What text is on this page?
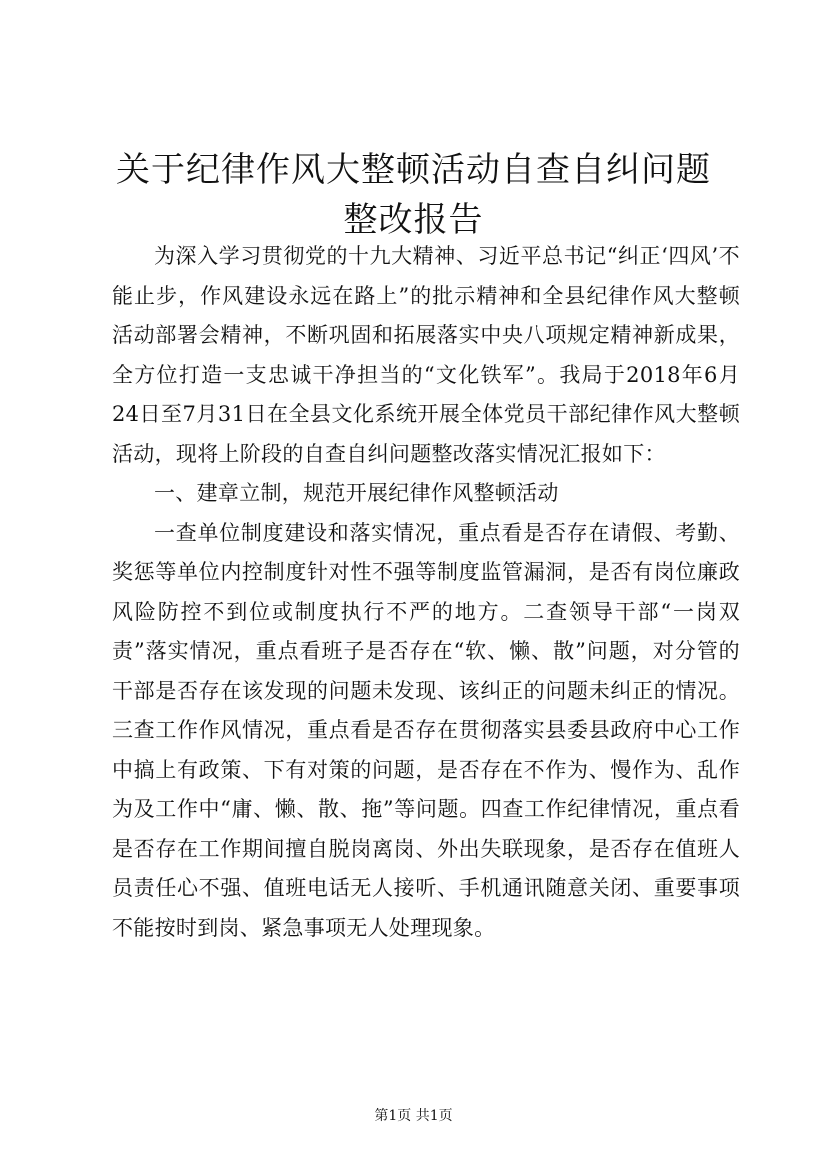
关于纪律作风大整顿活动自查自纠问题整改报告

为深入学习贯彻党的十九大精神、习近平总书记“纠正‘四风’不能止步，作风建设永远在路上”的批示精神和全县纪律作风大整顿活动部署会精神，不断巩固和拓展落实中央八项规定精神新成果，全方位打造一支忠诚干净担当的“文化铁军”。我局于2018年6月24日至7月31日在全县文化系统开展全体党员干部纪律作风大整顿活动，现将上阶段的自查自纠问题整改落实情况汇报如下：

一、建章立制，规范开展纪律作风整顿活动

一查单位制度建设和落实情况，重点看是否存在请假、考勤、奖惩等单位内控制度针对性不强等制度监管漏洞，是否有岗位廉政风险防控不到位或制度执行不严的地方。二查领导干部“一岗双责”落实情况，重点看班子是否存在“软、懒、散”问题，对分管的干部是否存在该发现的问题未发现、该纠正的问题未纠正的情况。三查工作作风情况，重点看是否存在贯彻落实县委县政府中心工作中搞上有政策、下有对策的问题，是否存在不作为、慢作为、乱作为及工作中“庸、懒、散、拖”等问题。四查工作纪律情况，重点看是否存在工作期间擅自脱岗离岗、外出失联现象，是否存在值班人员责任心不强、值班电话无人接听、手机通讯随意关闭、重要事项不能按时到岗、紧急事项无人处理现象。

第1页 共1页
